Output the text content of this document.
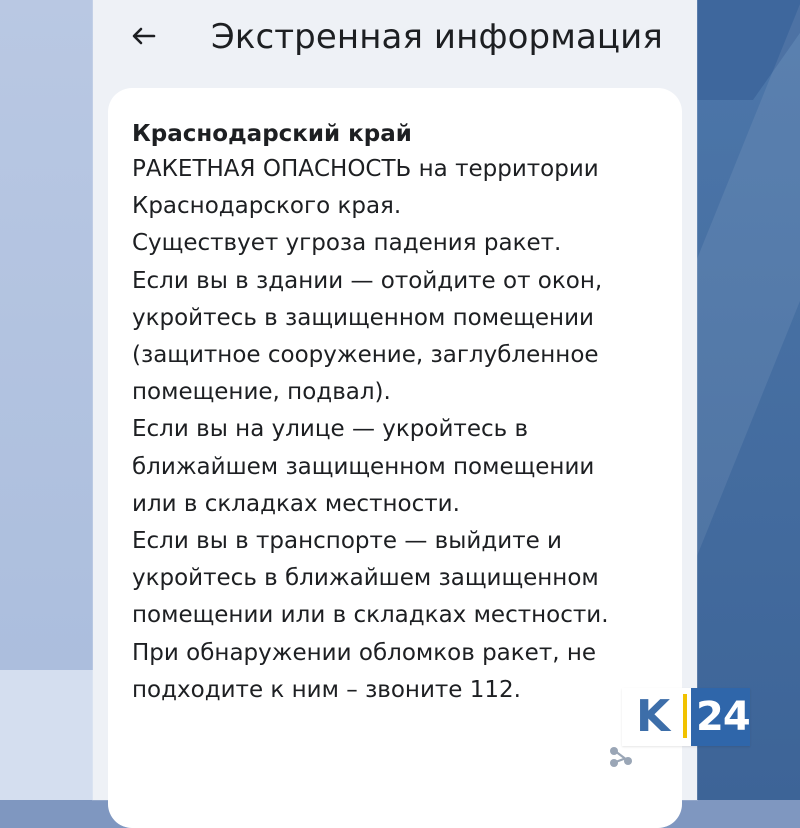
Экстренная информация
Краснодарский край

РАКЕТНАЯ ОПАСНОСТЬ на территории

Краснодарского края.

Существует угроза падения ракет.

Если вы в здании — отойдите от окон,

укройтесь в защищенном помещении

(защитное сооружение, заглубленное

помещение, подвал).

Если вы на улице — укройтесь в

ближайшем защищенном помещении

или в складках местности.

Если вы в транспорте — выйдите и

укройтесь в ближайшем защищенном

помещении или в складках местности.

При обнаружении обломков ракет, не

подходите к ним – звоните 112.

K 24
